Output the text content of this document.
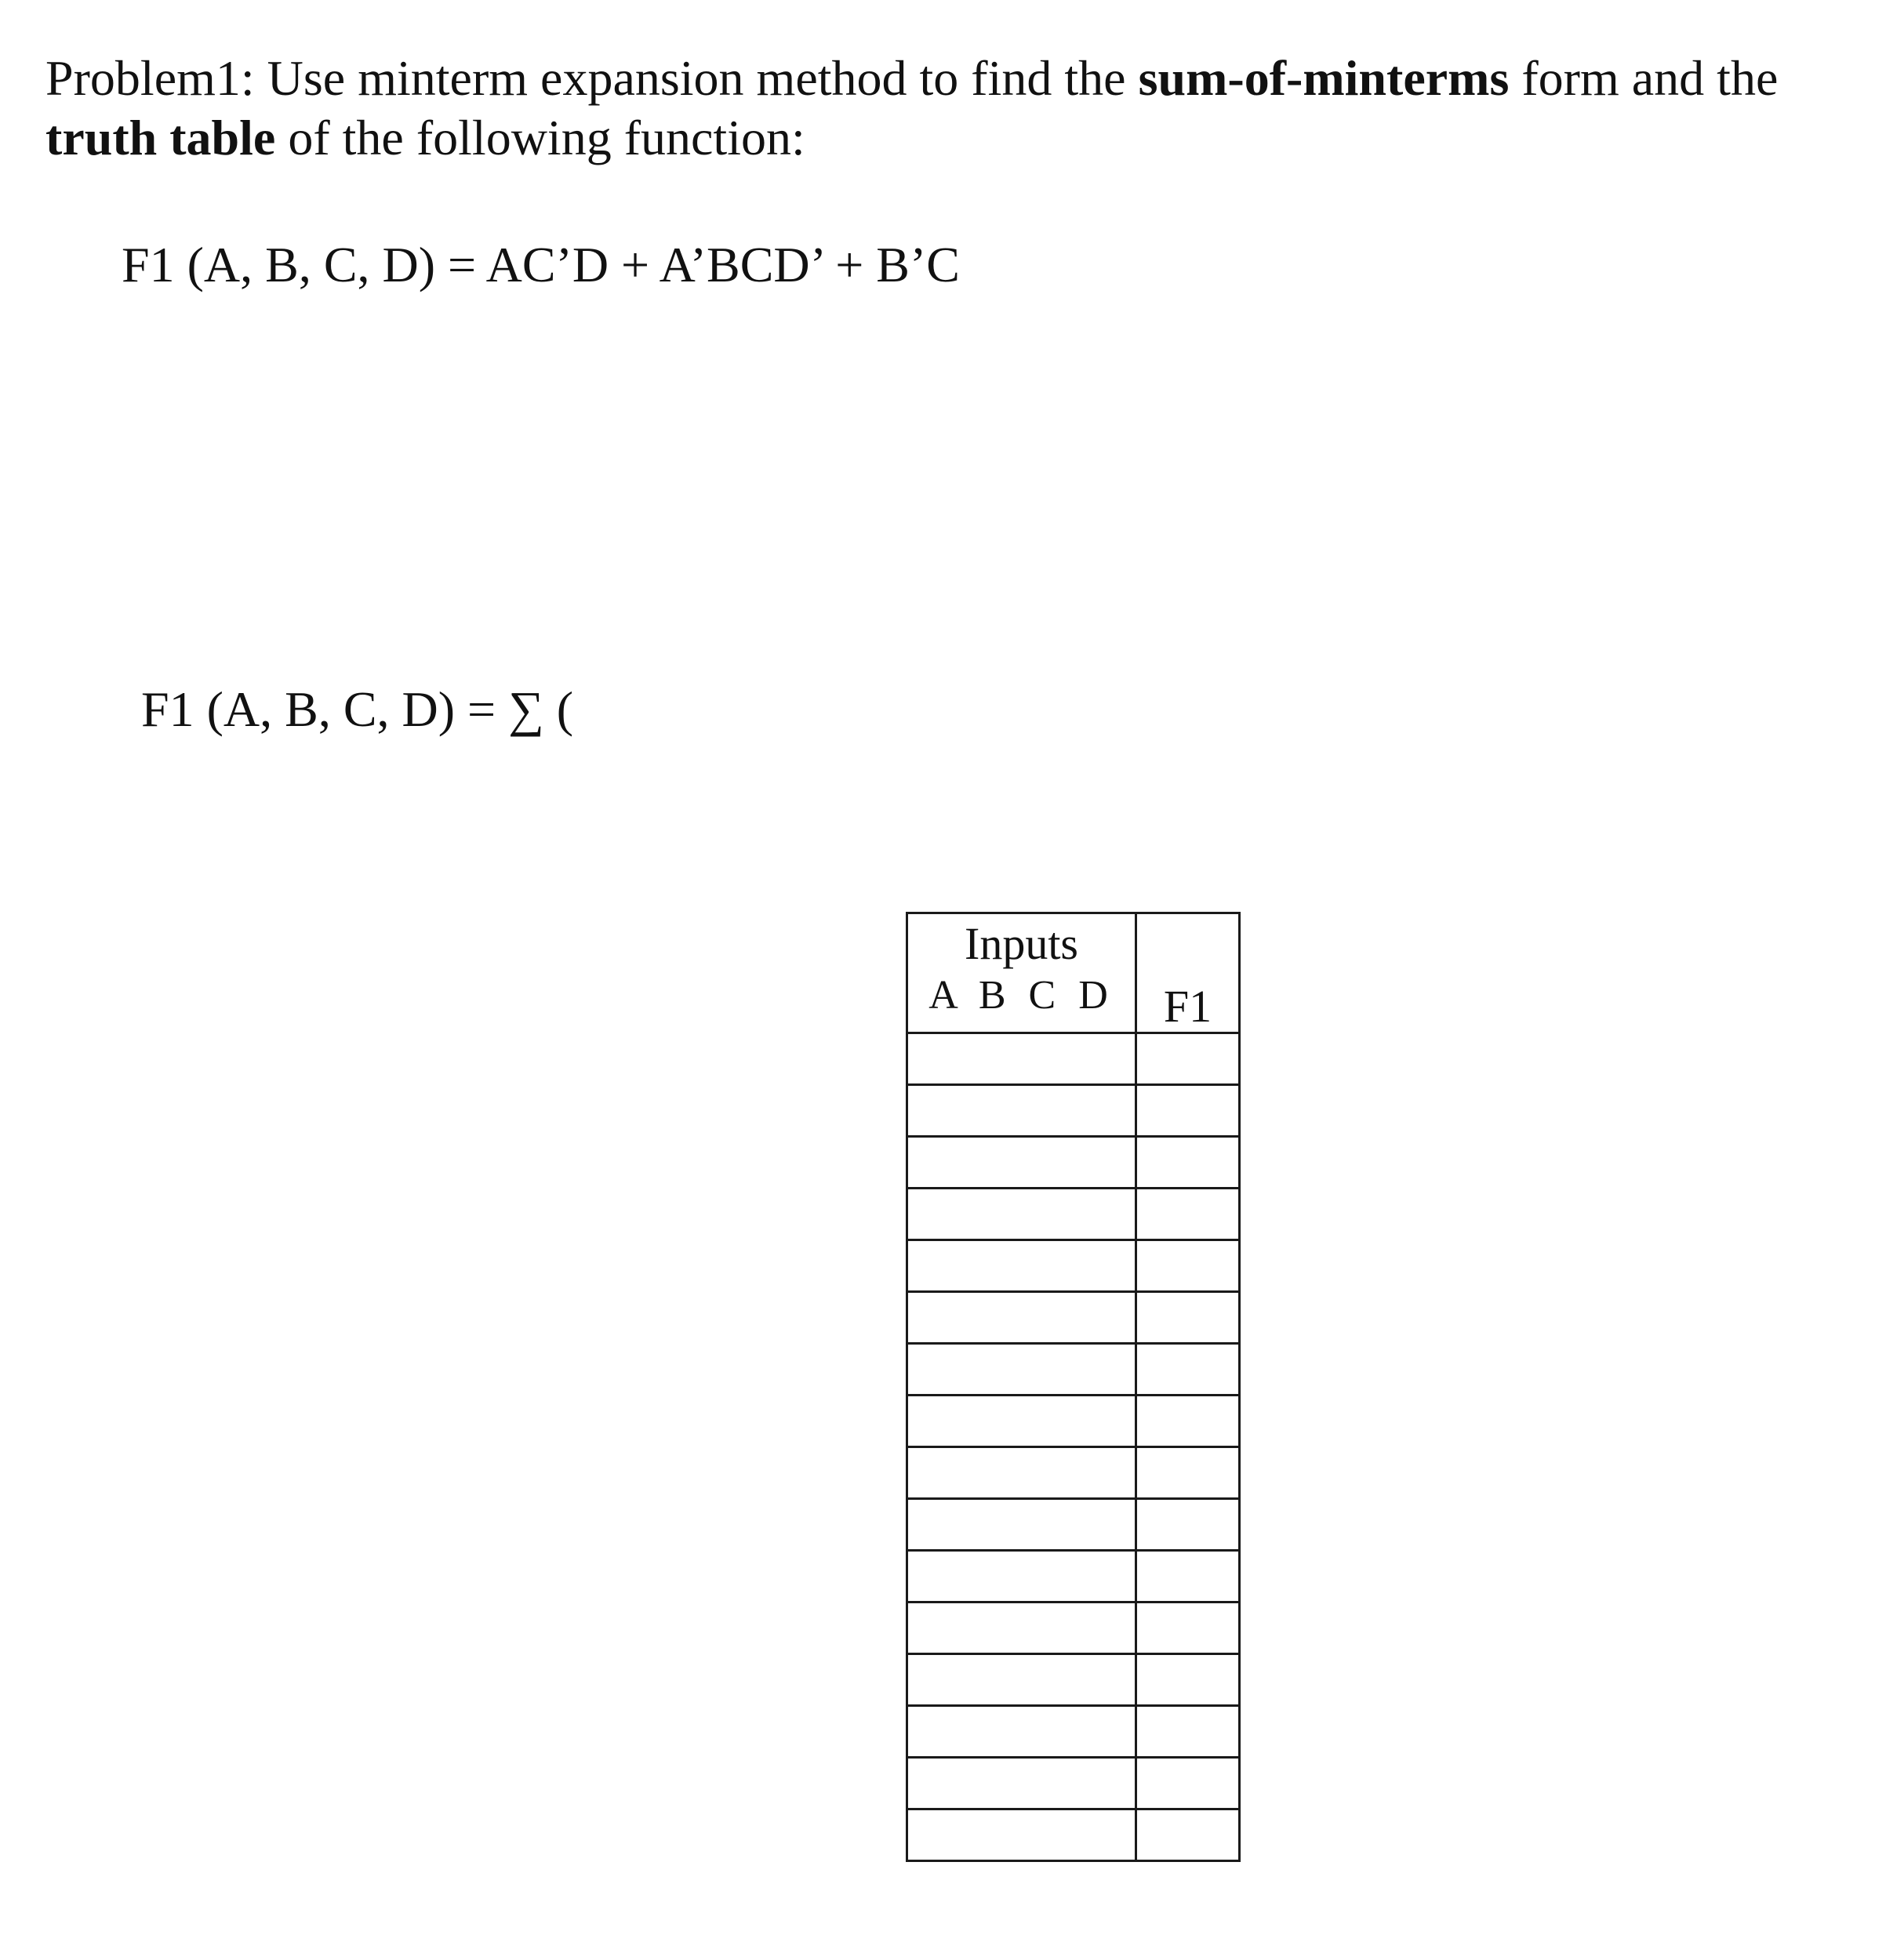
Problem1: Use minterm expansion method to find the sum-of-minterms form and the truth table of the following function:
F1 (A, B, C, D) = AC’D + A’BCD’ + B’C
F1 (A, B, C, D) = ∑ (
Inputs
A B C D	F1
